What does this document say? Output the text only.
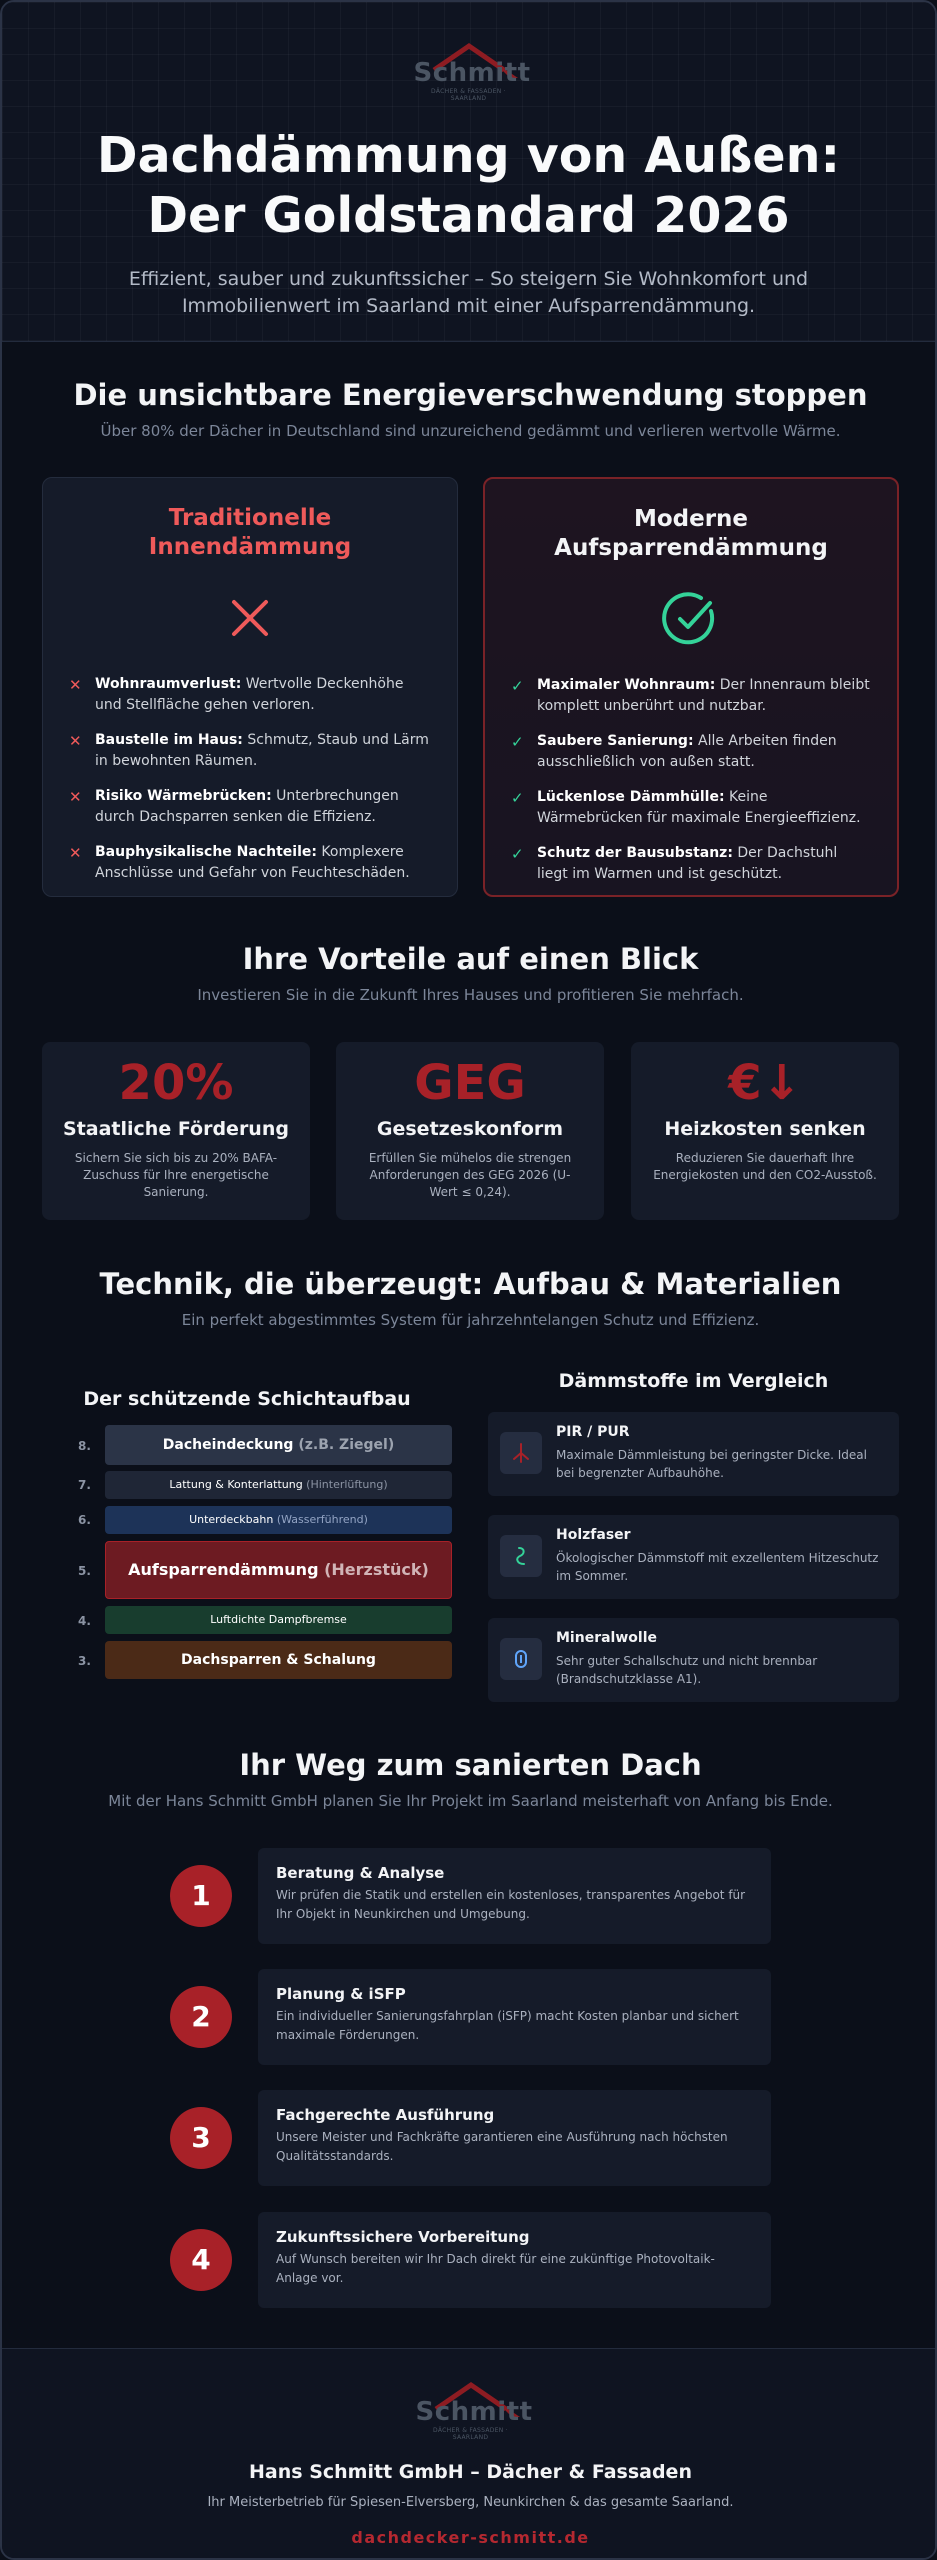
Schmitt
DÄCHER & FASSADEN · SAARLAND
Dachdämmung von Außen: Der Goldstandard 2026

Effizient, sauber und zukunftssicher – So steigern Sie Wohnkomfort und Immobilienwert im Saarland mit einer Aufsparrendämmung.

Die unsichtbare Energieverschwendung stoppen
Über 80% der Dächer in Deutschland sind unzureichend gedämmt und verlieren wertvolle Wärme.
Traditionelle Innendämmung
✕ Wohnraumverlust: Wertvolle Deckenhöhe und Stellfläche gehen verloren.
✕ Baustelle im Haus: Schmutz, Staub und Lärm in bewohnten Räumen.
✕ Risiko Wärmebrücken: Unterbrechungen durch Dachsparren senken die Effizienz.
✕ Bauphysikalische Nachteile: Komplexere Anschlüsse und Gefahr von Feuchteschäden.
Moderne Aufsparrendämmung
✓ Maximaler Wohnraum: Der Innenraum bleibt komplett unberührt und nutzbar.
✓ Saubere Sanierung: Alle Arbeiten finden ausschließlich von außen statt.
✓ Lückenlose Dämmhülle: Keine Wärmebrücken für maximale Energieeffizienz.
✓ Schutz der Bausubstanz: Der Dachstuhl liegt im Warmen und ist geschützt.
Ihre Vorteile auf einen Blick
Investieren Sie in die Zukunft Ihres Hauses und profitieren Sie mehrfach.
20%
Staatliche Förderung
Sichern Sie sich bis zu 20% BAFA-Zuschuss für Ihre energetische Sanierung.
GEG
Gesetzeskonform
Erfüllen Sie mühelos die strengen Anforderungen des GEG 2026 (U-Wert ≤ 0,24).
€↓
Heizkosten senken
Reduzieren Sie dauerhaft Ihre Energiekosten und den CO2-Ausstoß.
Technik, die überzeugt: Aufbau & Materialien
Ein perfekt abgestimmtes System für jahrzehntelangen Schutz und Effizienz.
Der schützende Schichtaufbau
8.	Dacheindeckung (z.B. Ziegel)
7.	Lattung & Konterlattung (Hinterlüftung)
6.	Unterdeckbahn (Wasserführend)
5.	Aufsparrendämmung (Herzstück)
4.	Luftdichte Dampfbremse
3.	Dachsparren & Schalung
Dämmstoffe im Vergleich
PIR / PUR
Maximale Dämmleistung bei geringster Dicke. Ideal bei begrenzter Aufbauhöhe.
Holzfaser
Ökologischer Dämmstoff mit exzellentem Hitzeschutz im Sommer.
Mineralwolle
Sehr guter Schallschutz und nicht brennbar (Brandschutzklasse A1).
Ihr Weg zum sanierten Dach
Mit der Hans Schmitt GmbH planen Sie Ihr Projekt im Saarland meisterhaft von Anfang bis Ende.
1
Beratung & Analyse
Wir prüfen die Statik und erstellen ein kostenloses, transparentes Angebot für Ihr Objekt in Neunkirchen und Umgebung.
2
Planung & iSFP
Ein individueller Sanierungsfahrplan (iSFP) macht Kosten planbar und sichert maximale Förderungen.
3
Fachgerechte Ausführung
Unsere Meister und Fachkräfte garantieren eine Ausführung nach höchsten Qualitätsstandards.
4
Zukunftssichere Vorbereitung
Auf Wunsch bereiten wir Ihr Dach direkt für eine zukünftige Photovoltaik-Anlage vor.
Schmitt
DÄCHER & FASSADEN · SAARLAND
Hans Schmitt GmbH – Dächer & Fassaden
Ihr Meisterbetrieb für Spiesen-Elversberg, Neunkirchen & das gesamte Saarland.
dachdecker-schmitt.de
